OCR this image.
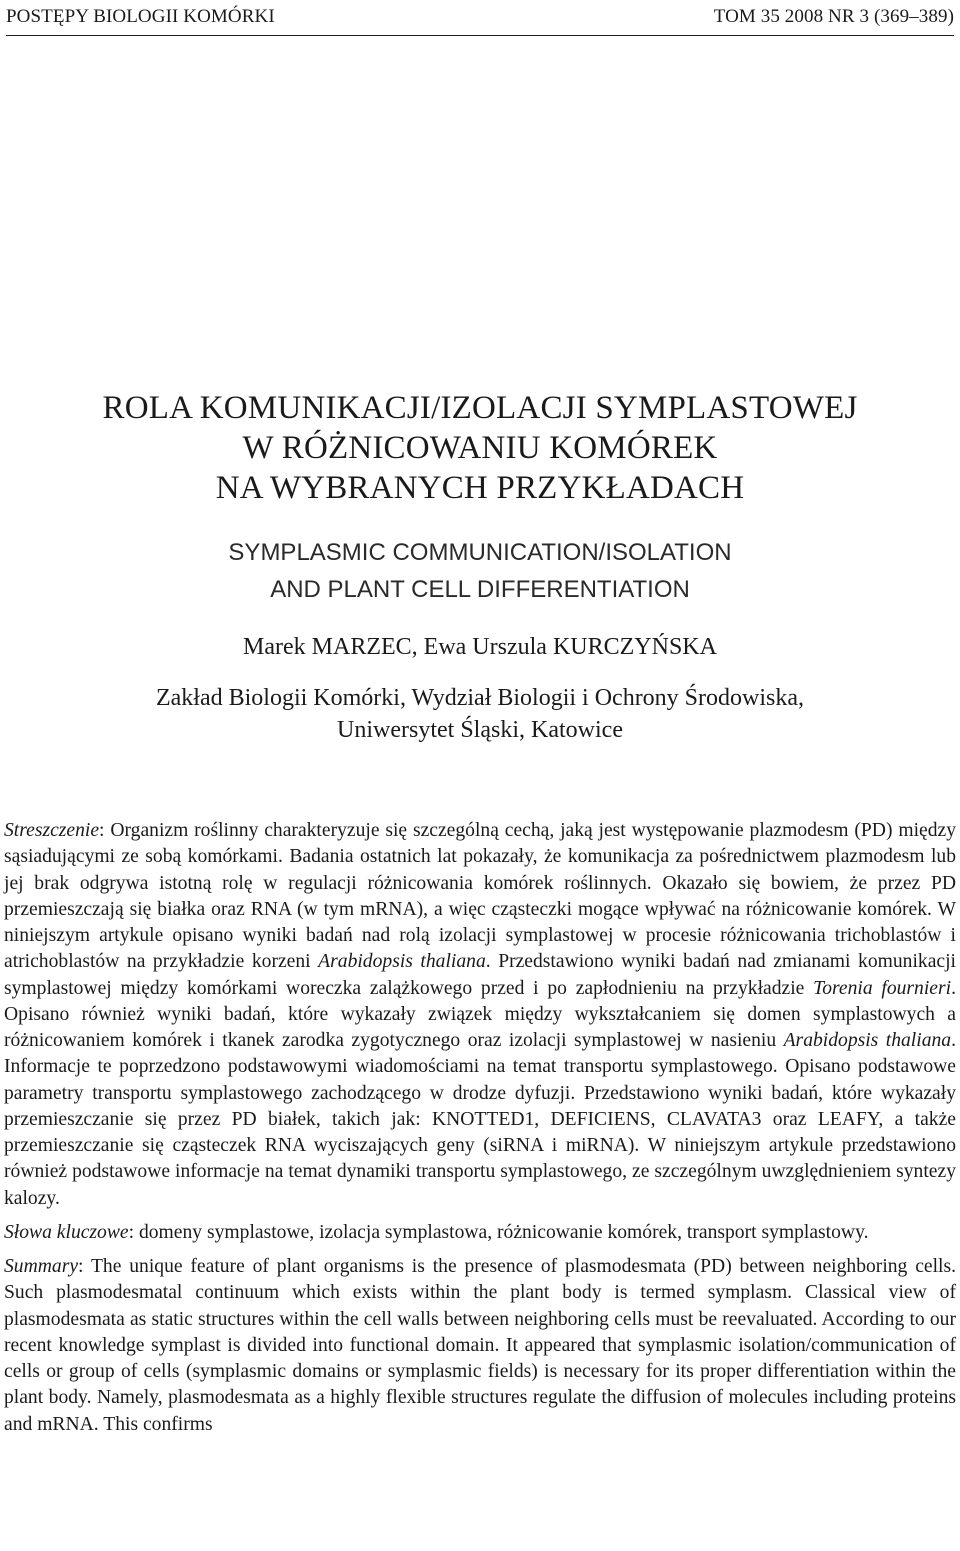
POSTĘPY BIOLOGII KOMÓRKI	TOM 35 2008 NR 3 (369–389)
ROLA KOMUNIKACJI/IZOLACJI SYMPLASTOWEJ
W RÓŻNICOWANIU KOMÓREK
NA WYBRANYCH PRZYKŁADACH
SYMPLASMIC COMMUNICATION/ISOLATION
AND PLANT CELL DIFFERENTIATION

Marek MARZEC, Ewa Urszula KURCZYŃSKA

Zakład Biologii Komórki, Wydział Biologii i Ochrony Środowiska,
Uniwersytet Śląski, Katowice

Streszczenie: Organizm roślinny charakteryzuje się szczególną cechą, jaką jest występowanie plazmodesm (PD) między sąsiadującymi ze sobą komórkami. Badania ostatnich lat pokazały, że komunikacja za pośrednictwem plazmodesm lub jej brak odgrywa istotną rolę w regulacji różnicowania komórek roślinnych. Okazało się bowiem, że przez PD przemieszczają się białka oraz RNA (w tym mRNA), a więc cząsteczki mogące wpływać na różnicowanie komórek. W niniejszym artykule opisano wyniki badań nad rolą izolacji symplastowej w procesie różnicowania trichoblastów i atrichoblastów na przykładzie korzeni Arabidopsis thaliana. Przedstawiono wyniki badań nad zmianami komunikacji symplastowej między komórkami woreczka zalążkowego przed i po zapłodnieniu na przykładzie Torenia fournieri. Opisano również wyniki badań, które wykazały związek między wykształcaniem się domen symplastowych a różnicowaniem komórek i tkanek zarodka zygotycznego oraz izolacji symplastowej w nasieniu Arabidopsis thaliana. Informacje te poprzedzono podstawowymi wiadomościami na temat transportu symplastowego. Opisano podstawowe parametry transportu symplastowego zachodzącego w drodze dyfuzji. Przedstawiono wyniki badań, które wykazały przemieszczanie się przez PD białek, takich jak: KNOTTED1, DEFICIENS, CLAVATA3 oraz LEAFY, a także przemieszczanie się cząsteczek RNA wyciszających geny (siRNA i miRNA). W niniejszym artykule przedstawiono również podstawowe informacje na temat dynamiki transportu symplastowego, ze szczególnym uwzględnieniem syntezy kalozy.

Słowa kluczowe: domeny symplastowe, izolacja symplastowa, różnicowanie komórek, transport symplastowy.

Summary: The unique feature of plant organisms is the presence of plasmodesmata (PD) between neighboring cells. Such plasmodesmatal continuum which exists within the plant body is termed symplasm. Classical view of plasmodesmata as static structures within the cell walls between neighboring cells must be reevaluated. According to our recent knowledge symplast is divided into functional domain. It appeared that symplasmic isolation/communication of cells or group of cells (symplasmic domains or symplasmic fields) is necessary for its proper differentiation within the plant body. Namely, plasmodesmata as a highly flexible structures regulate the diffusion of molecules including proteins and mRNA. This confirms
